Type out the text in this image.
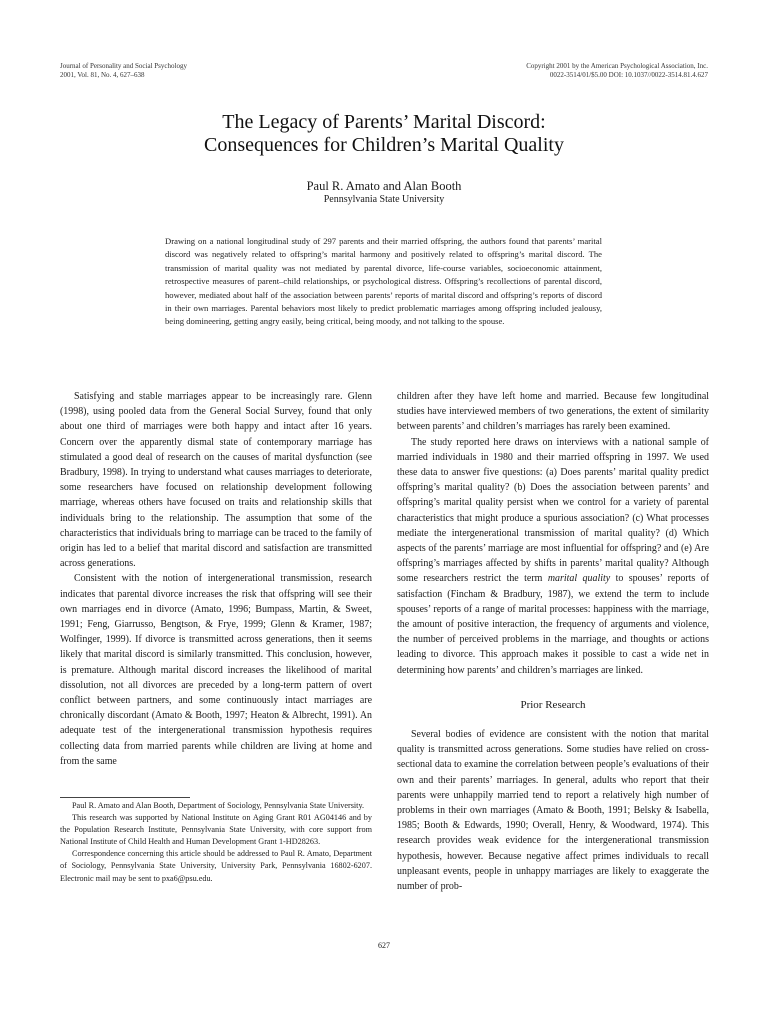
Journal of Personality and Social Psychology
2001, Vol. 81, No. 4, 627–638
Copyright 2001 by the American Psychological Association, Inc.
0022-3514/01/$5.00 DOI: 10.1037//0022-3514.81.4.627
The Legacy of Parents’ Marital Discord:
Consequences for Children’s Marital Quality
Paul R. Amato and Alan Booth
Pennsylvania State University
Drawing on a national longitudinal study of 297 parents and their married offspring, the authors found that parents’ marital discord was negatively related to offspring’s marital harmony and positively related to offspring’s marital discord. The transmission of marital quality was not mediated by parental divorce, life-course variables, socioeconomic attainment, retrospective measures of parent–child relationships, or psychological distress. Offspring’s recollections of parental discord, however, mediated about half of the association between parents’ reports of marital discord and offspring’s reports of discord in their own marriages. Parental behaviors most likely to predict problematic marriages among offspring included jealousy, being domineering, getting angry easily, being critical, being moody, and not talking to the spouse.

Satisfying and stable marriages appear to be increasingly rare. Glenn (1998), using pooled data from the General Social Survey, found that only about one third of marriages were both happy and intact after 16 years. Concern over the apparently dismal state of contemporary marriage has stimulated a good deal of research on the causes of marital dysfunction (see Bradbury, 1998). In trying to understand what causes marriages to deteriorate, some researchers have focused on relationship development following marriage, whereas others have focused on traits and relationship skills that individuals bring to the relationship. The assumption that some of the characteristics that individuals bring to marriage can be traced to the family of origin has led to a belief that marital discord and satisfaction are transmitted across generations.

Consistent with the notion of intergenerational transmission, research indicates that parental divorce increases the risk that offspring will see their own marriages end in divorce (Amato, 1996; Bumpass, Martin, & Sweet, 1991; Feng, Giarrusso, Bengtson, & Frye, 1999; Glenn & Kramer, 1987; Wolfinger, 1999). If divorce is transmitted across generations, then it seems likely that marital discord is similarly transmitted. This conclusion, however, is premature. Although marital discord increases the likelihood of marital dissolution, not all divorces are preceded by a long-term pattern of overt conflict between partners, and some continuously intact marriages are chronically discordant (Amato & Booth, 1997; Heaton & Albrecht, 1991). An adequate test of the intergenerational transmission hypothesis requires collecting data from married parents while children are living at home and from the same

Paul R. Amato and Alan Booth, Department of Sociology, Pennsylvania State University.

This research was supported by National Institute on Aging Grant R01 AG04146 and by the Population Research Institute, Pennsylvania State University, with core support from National Institute of Child Health and Human Development Grant 1-HD28263.

Correspondence concerning this article should be addressed to Paul R. Amato, Department of Sociology, Pennsylvania State University, University Park, Pennsylvania 16802-6207. Electronic mail may be sent to pxa6@psu.edu.

children after they have left home and married. Because few longitudinal studies have interviewed members of two generations, the extent of similarity between parents’ and children’s marriages has rarely been examined.

The study reported here draws on interviews with a national sample of married individuals in 1980 and their married offspring in 1997. We used these data to answer five questions: (a) Does parents’ marital quality predict offspring’s marital quality? (b) Does the association between parents’ and offspring’s marital quality persist when we control for a variety of parental characteristics that might produce a spurious association? (c) What processes mediate the intergenerational transmission of marital quality? (d) Which aspects of the parents’ marriage are most influential for offspring? and (e) Are offspring’s marriages affected by shifts in parents’ marital quality? Although some researchers restrict the term marital quality to spouses’ reports of satisfaction (Fincham & Bradbury, 1987), we extend the term to include spouses’ reports of a range of marital processes: happiness with the marriage, the amount of positive interaction, the frequency of arguments and violence, the number of perceived problems in the marriage, and thoughts or actions leading to divorce. This approach makes it possible to cast a wide net in determining how parents’ and children’s marriages are linked.

Prior Research

Several bodies of evidence are consistent with the notion that marital quality is transmitted across generations. Some studies have relied on cross-sectional data to examine the correlation between people’s evaluations of their own and their parents’ marriages. In general, adults who report that their parents were unhappily married tend to report a relatively high number of problems in their own marriages (Amato & Booth, 1991; Belsky & Isabella, 1985; Booth & Edwards, 1990; Overall, Henry, & Woodward, 1974). This research provides weak evidence for the intergenerational transmission hypothesis, however. Because negative affect primes individuals to recall unpleasant events, people in unhappy marriages are likely to exaggerate the number of prob-

627
